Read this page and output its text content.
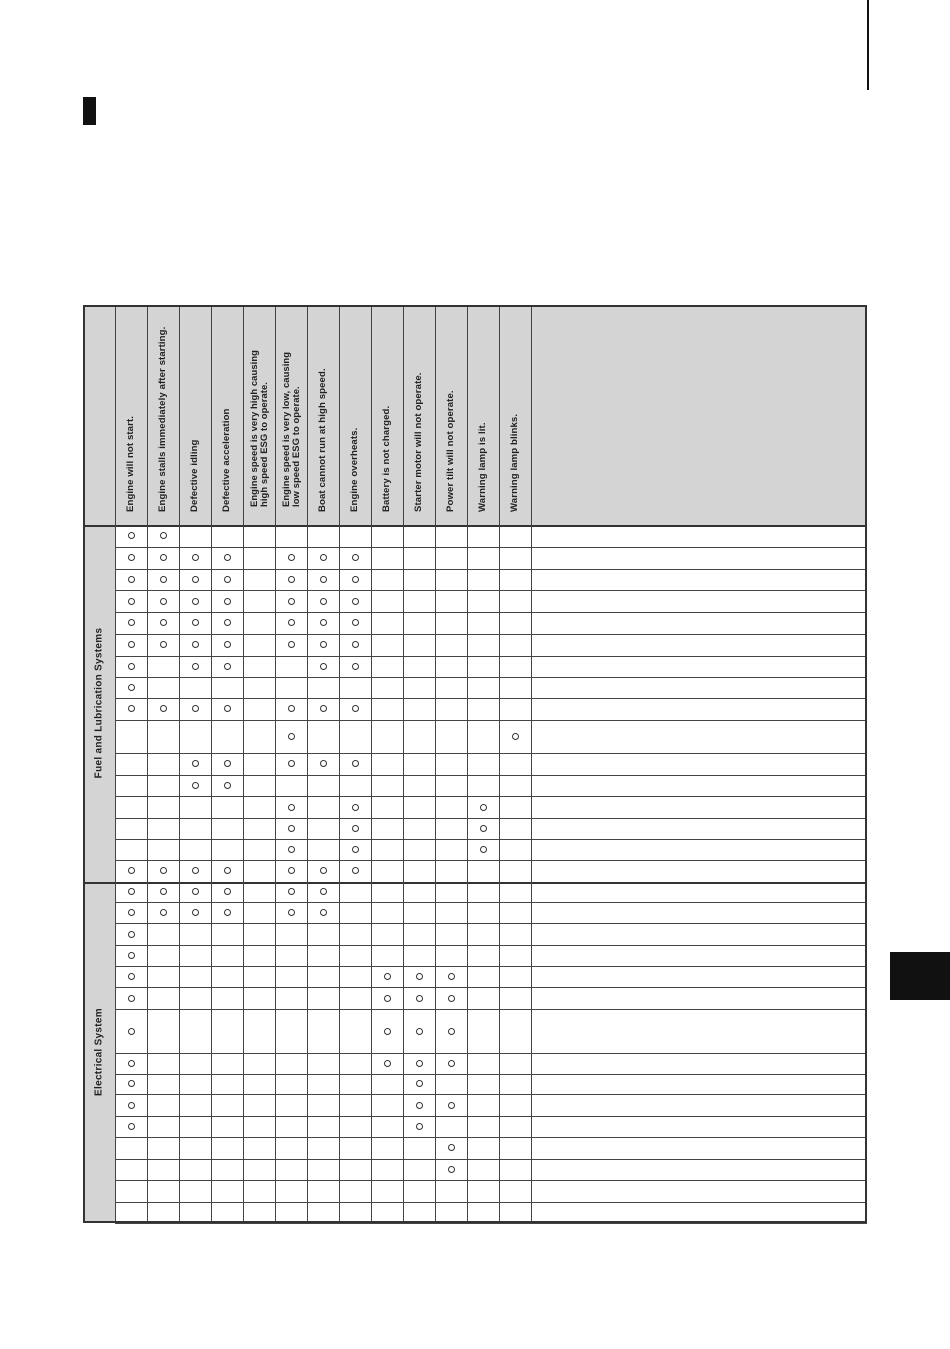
Fuel and Lubrication Systems
Electrical System
Engine will not start. Engine stalls immediately after starting. Defective idling Defective acceleration Engine speed is very high causing
high speed ESG to operate.
Engine speed is very low, causing
low speed ESG to operate. Boat cannot run at high speed. Engine overheats. Battery is not charged. Starter motor will not operate. Power tilt will not operate. Warning lamp is lit. Warning lamp blinks.
